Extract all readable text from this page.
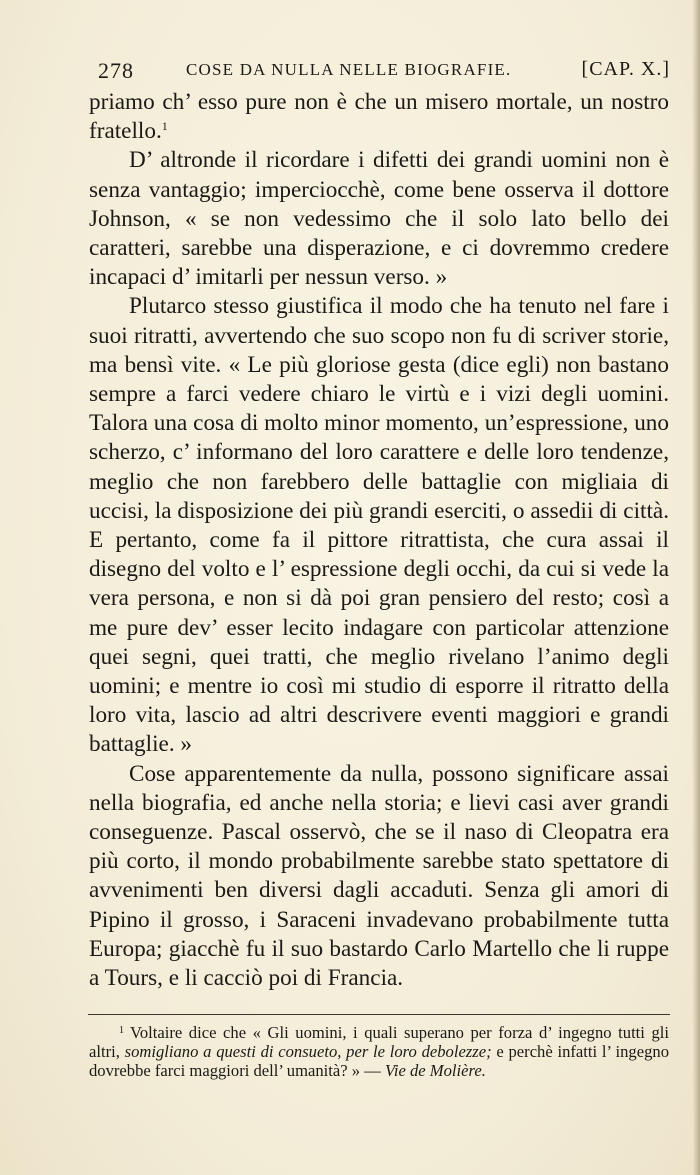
278	COSE DA NULLA NELLE BIOGRAFIE.	[CAP. X.]

priamo ch’ esso pure non è che un misero mortale, un nostro fratello.$^1$

D’ altronde il ricordare i difetti dei grandi uomini non è senza vantaggio; imperciocchè, come bene osserva il dottore Johnson, « se non vedessimo che il solo lato bello dei caratteri, sarebbe una disperazione, e ci dovremmo credere incapaci d’ imitarli per nessun verso. »

Plutarco stesso giustifica il modo che ha tenuto nel fare i suoi ritratti, avvertendo che suo scopo non fu di scriver storie, ma bensì vite. « Le più gloriose gesta (dice egli) non bastano sempre a farci vedere chiaro le virtù e i vizi degli uomini. Talora una cosa di molto minor momento, un’espressione, uno scherzo, c’ informano del loro carattere e delle loro tendenze, meglio che non farebbero delle battaglie con migliaia di uccisi, la disposizione dei più grandi eserciti, o assedii di città. E pertanto, come fa il pittore ritrattista, che cura assai il disegno del volto e l’ espressione degli occhi, da cui si vede la vera persona, e non si dà poi gran pensiero del resto; così a me pure dev’ esser lecito indagare con particolar attenzione quei segni, quei tratti, che meglio rivelano l’animo degli uomini; e mentre io così mi studio di esporre il ritratto della loro vita, lascio ad altri descrivere eventi maggiori e grandi battaglie. »

Cose apparentemente da nulla, possono significare assai nella biografia, ed anche nella storia; e lievi casi aver grandi conseguenze. Pascal osservò, che se il naso di Cleopatra era più corto, il mondo probabilmente sarebbe stato spettatore di avvenimenti ben diversi dagli accaduti. Senza gli amori di Pipino il grosso, i Saraceni invadevano probabilmente tutta Europa; giacchè fu il suo bastardo Carlo Martello che li ruppe a Tours, e li cacciò poi di Francia.

$^1$ Voltaire dice che « Gli uomini, i quali superano per forza d’ ingegno tutti gli altri, somigliano a questi di consueto, per le loro debolezze; e perchè infatti l’ ingegno dovrebbe farci maggiori dell’ umanità? » — Vie de Molière.
